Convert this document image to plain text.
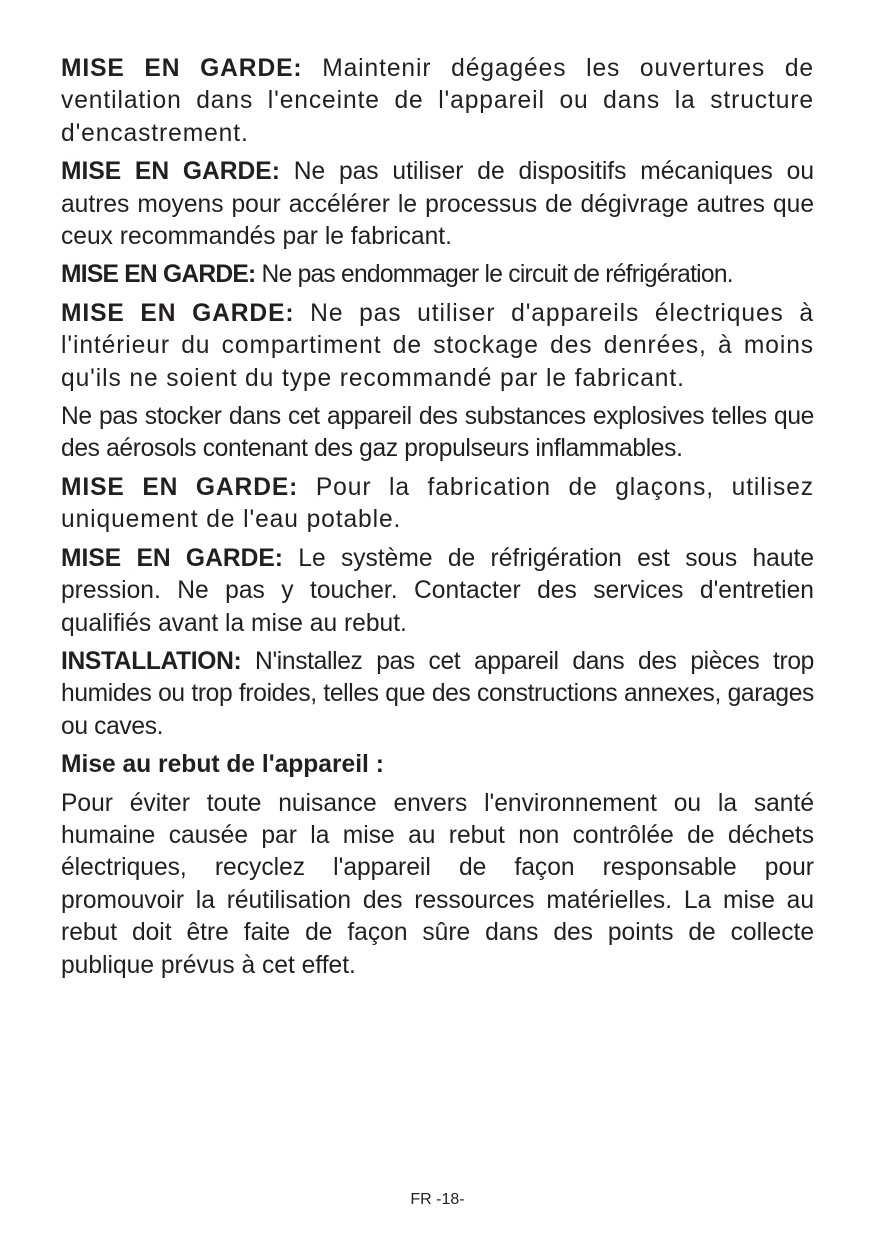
MISE EN GARDE: Maintenir dégagées les ouvertures de ventilation dans l'enceinte de l'appareil ou dans la structure d'encastrement.

MISE EN GARDE: Ne pas utiliser de dispositifs mécaniques ou autres moyens pour accélérer le processus de dégivrage autres que ceux recommandés par le fabricant.

MISE EN GARDE: Ne pas endommager le circuit de réfrigération.

MISE EN GARDE: Ne pas utiliser d'appareils électriques à l'intérieur du compartiment de stockage des denrées, à moins qu'ils ne soient du type recommandé par le fabricant.

Ne pas stocker dans cet appareil des substances explosives telles que des aérosols contenant des gaz propulseurs inflammables.

MISE EN GARDE: Pour la fabrication de glaçons, utilisez uniquement de l'eau potable.

MISE EN GARDE: Le système de réfrigération est sous haute pression. Ne pas y toucher. Contacter des services d'entretien qualifiés avant la mise au rebut.

INSTALLATION: N'installez pas cet appareil dans des pièces trop humides ou trop froides, telles que des constructions annexes, garages ou caves.

Mise au rebut de l'appareil :

Pour éviter toute nuisance envers l'environnement ou la santé humaine causée par la mise au rebut non contrôlée de déchets électriques, recyclez l'appareil de façon responsable pour promouvoir la réutilisation des ressources matérielles. La mise au rebut doit être faite de façon sûre dans des points de collecte publique prévus à cet effet.

FR -18-
